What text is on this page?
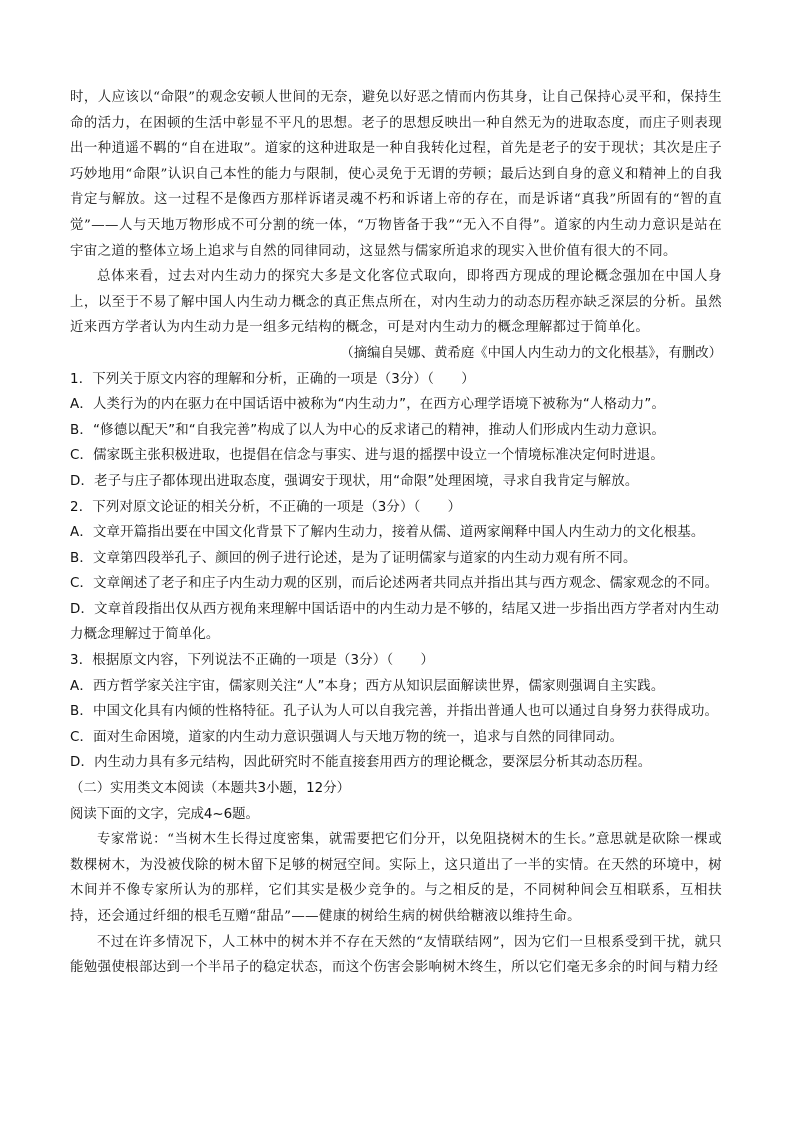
时，人应该以“命限”的观念安顿人世间的无奈，避免以好恶之情而内伤其身，让自己保持心灵平和，保持生命的活力，在困顿的生活中彰显不平凡的思想。老子的思想反映出一种自然无为的进取态度，而庄子则表现出一种逍遥不羁的“自在进取”。道家的这种进取是一种自我转化过程，首先是老子的安于现状；其次是庄子巧妙地用“命限”认识自己本性的能力与限制，使心灵免于无谓的劳顿；最后达到自身的意义和精神上的自我肯定与解放。这一过程不是像西方那样诉诸灵魂不朽和诉诸上帝的存在，而是诉诸“真我”所固有的“智的直觉”——人与天地万物形成不可分割的统一体，“万物皆备于我”“无入不自得”。道家的内生动力意识是站在宇宙之道的整体立场上追求与自然的同律同动，这显然与儒家所追求的现实入世价值有很大的不同。

总体来看，过去对内生动力的探究大多是文化客位式取向，即将西方现成的理论概念强加在中国人身上，以至于不易了解中国人内生动力概念的真正焦点所在，对内生动力的动态历程亦缺乏深层的分析。虽然近来西方学者认为内生动力是一组多元结构的概念，可是对内生动力的概念理解都过于简单化。

（摘编自吴娜、黄希庭《中国人内生动力的文化根基》，有删改）

1．下列关于原文内容的理解和分析，正确的一项是（3分）（　　）

A．人类行为的内在驱力在中国话语中被称为“内生动力”，在西方心理学语境下被称为“人格动力”。

B．“修德以配天”和“自我完善”构成了以人为中心的反求诸己的精神，推动人们形成内生动力意识。

C．儒家既主张积极进取，也提倡在信念与事实、进与退的摇摆中设立一个情境标准决定何时进退。

D．老子与庄子都体现出进取态度，强调安于现状，用“命限”处理困境，寻求自我肯定与解放。

2．下列对原文论证的相关分析，不正确的一项是（3分）（　　）

A．文章开篇指出要在中国文化背景下了解内生动力，接着从儒、道两家阐释中国人内生动力的文化根基。

B．文章第四段举孔子、颜回的例子进行论述，是为了证明儒家与道家的内生动力观有所不同。

C．文章阐述了老子和庄子内生动力观的区别，而后论述两者共同点并指出其与西方观念、儒家观念的不同。

D．文章首段指出仅从西方视角来理解中国话语中的内生动力是不够的，结尾又进一步指出西方学者对内生动力概念理解过于简单化。

3．根据原文内容，下列说法不正确的一项是（3分）（　　）

A．西方哲学家关注宇宙，儒家则关注“人”本身；西方从知识层面解读世界，儒家则强调自主实践。

B．中国文化具有内倾的性格特征。孔子认为人可以自我完善，并指出普通人也可以通过自身努力获得成功。

C．面对生命困境，道家的内生动力意识强调人与天地万物的统一，追求与自然的同律同动。

D．内生动力具有多元结构，因此研究时不能直接套用西方的理论概念，要深层分析其动态历程。

（二）实用类文本阅读（本题共3小题，12分）

阅读下面的文字，完成4~6题。

专家常说：“当树木生长得过度密集，就需要把它们分开，以免阻挠树木的生长。”意思就是砍除一棵或数棵树木，为没被伐除的树木留下足够的树冠空间。实际上，这只道出了一半的实情。在天然的环境中，树木间并不像专家所认为的那样，它们其实是极少竞争的。与之相反的是，不同树种间会互相联系，互相扶持，还会通过纤细的根毛互赠“甜品”——健康的树给生病的树供给糖液以维持生命。

不过在许多情况下，人工林中的树木并不存在天然的“友情联结网”，因为它们一旦根系受到干扰，就只能勉强使根部达到一个半吊子的稳定状态，而这个伤害会影响树木终生，所以它们毫无多余的时间与精力经
